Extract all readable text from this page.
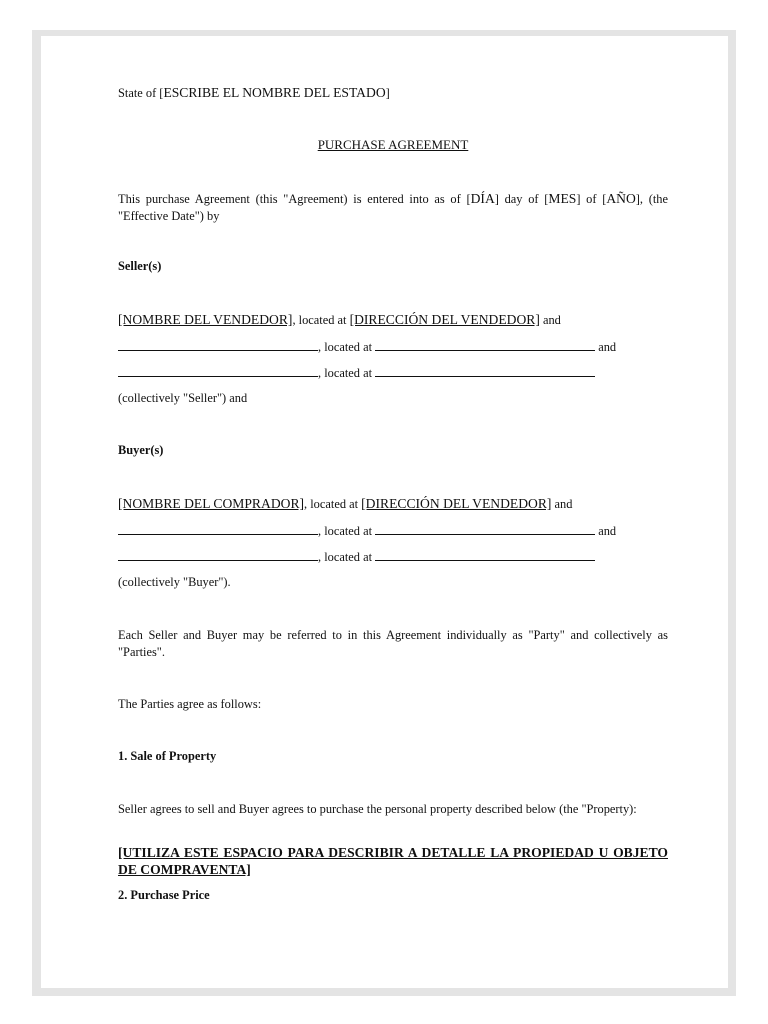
State of [ESCRIBE EL NOMBRE DEL ESTADO]
PURCHASE AGREEMENT
This purchase Agreement (this "Agreement) is entered into as of [DÍA] day of [MES] of [AÑO], (the "Effective Date") by
Seller(s)
[NOMBRE DEL VENDEDOR], located at [DIRECCIÓN DEL VENDEDOR] and
, located at	and
, located at
(collectively "Seller") and
Buyer(s)
[NOMBRE DEL COMPRADOR], located at [DIRECCIÓN DEL VENDEDOR] and
, located at	and
, located at
(collectively "Buyer").
Each Seller and Buyer may be referred to in this Agreement individually as "Party" and collectively as "Parties".
The Parties agree as follows:
1. Sale of Property
Seller agrees to sell and Buyer agrees to purchase the personal property described below (the "Property):
[UTILIZA ESTE ESPACIO PARA DESCRIBIR A DETALLE LA PROPIEDAD U OBJETO DE COMPRAVENTA]
2. Purchase Price
